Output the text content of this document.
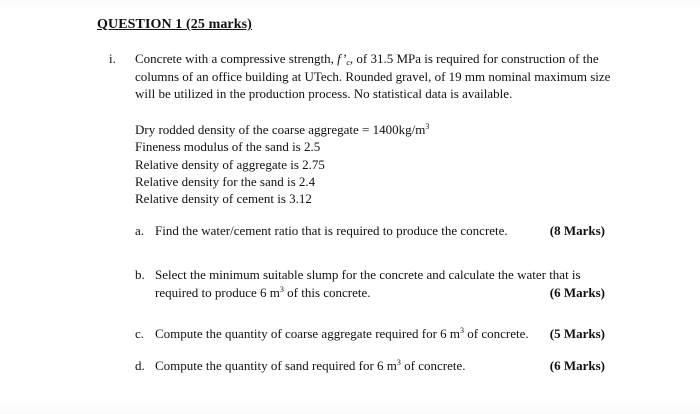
QUESTION 1 (25 marks)
i. Concrete with a compressive strength, $f’_c$, of 31.5 MPa is required for construction of the columns of an office building at UTech. Rounded gravel, of 19 mm nominal maximum size will be utilized in the production process. No statistical data is available.
Dry rodded density of the coarse aggregate = $1400kg/m^3$
Fineness modulus of the sand is 2.5
Relative density of aggregate is 2.75
Relative density for the sand is 2.4
Relative density of cement is 3.12
a. Find the water/cement ratio that is required to produce the concrete.	(8 Marks)
b. Select the minimum suitable slump for the concrete and calculate the water that is required to produce 6 $m^3$ of this concrete.	(6 Marks)
c. Compute the quantity of coarse aggregate required for 6 $m^3$ of concrete.	(5 Marks)
d. Compute the quantity of sand required for 6 $m^3$ of concrete.	(6 Marks)
